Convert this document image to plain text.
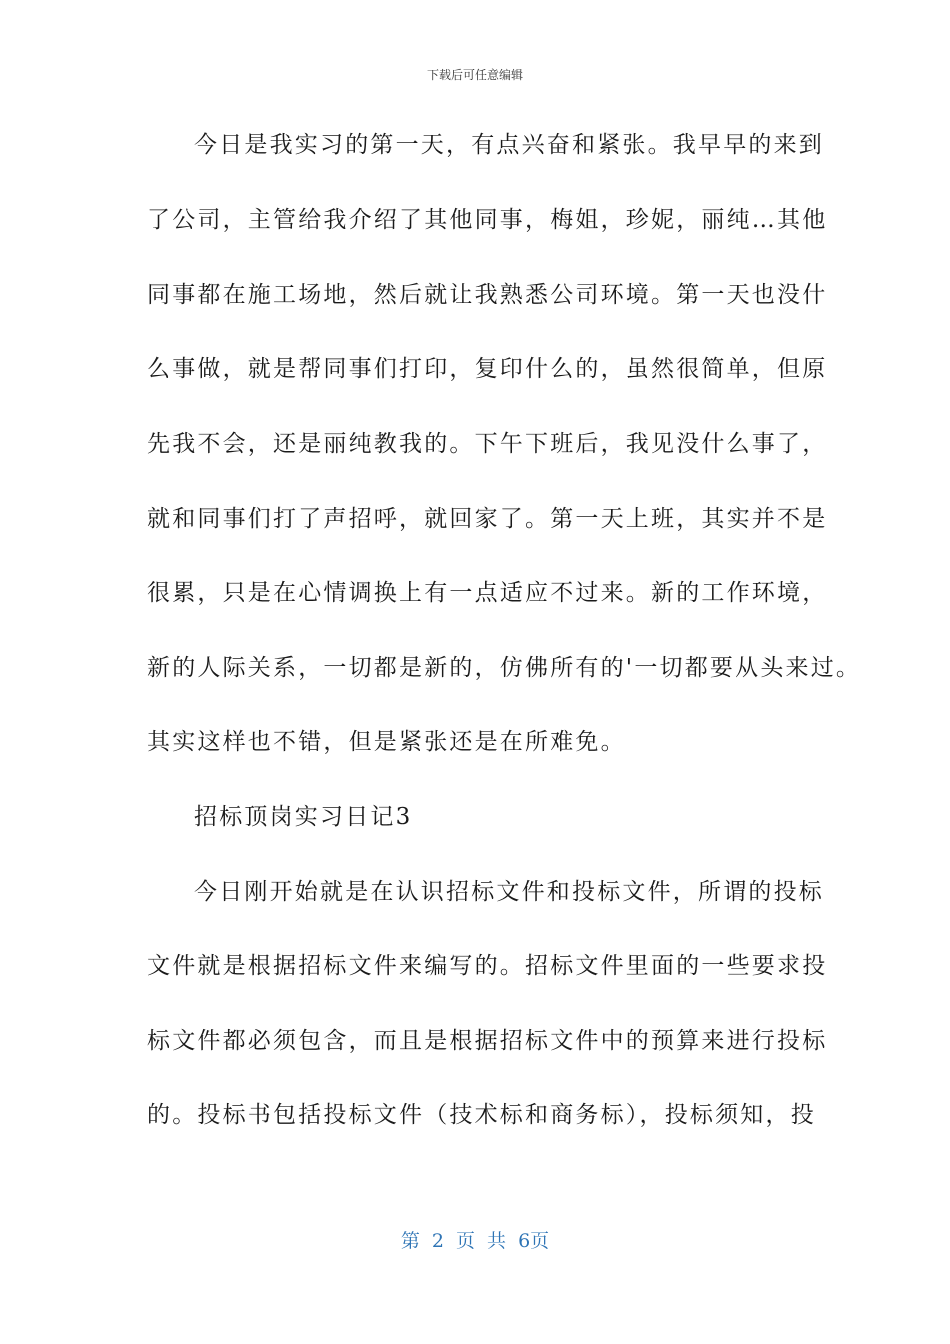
下载后可任意编辑
今日是我实习的第一天，有点兴奋和紧张。我早早的来到
了公司，主管给我介绍了其他同事，梅姐，珍妮，丽纯…其他
同事都在施工场地，然后就让我熟悉公司环境。第一天也没什
么事做，就是帮同事们打印，复印什么的，虽然很简单，但原
先我不会，还是丽纯教我的。下午下班后，我见没什么事了，
就和同事们打了声招呼，就回家了。第一天上班，其实并不是
很累，只是在心情调换上有一点适应不过来。新的工作环境，
新的人际关系，一切都是新的，仿佛所有的'一切都要从头来过。
其实这样也不错，但是紧张还是在所难免。
招标顶岗实习日记3
今日刚开始就是在认识招标文件和投标文件，所谓的投标
文件就是根据招标文件来编写的。招标文件里面的一些要求投
标文件都必须包含，而且是根据招标文件中的预算来进行投标
的。投标书包括投标文件（技术标和商务标），投标须知，投
第 2 页 共 6页
